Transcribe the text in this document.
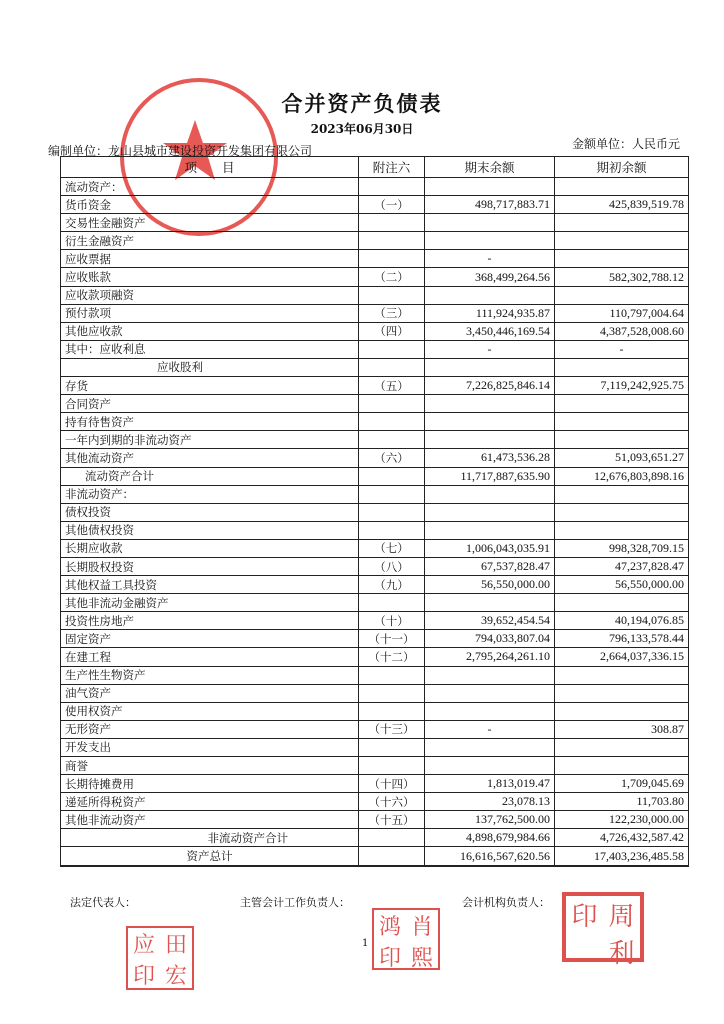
合并资产负债表
2023年06月30日
编制单位：龙山县城市建设投资开发集团有限公司	金额单位：人民币元
项　　目	附注六	期末余额	期初余额
流动资产：			
货币资金	（一）	498,717,883.71	425,839,519.78
交易性金融资产			
衍生金融资产			
应收票据		-	
应收账款	（二）	368,499,264.56	582,302,788.12
应收款项融资			
预付款项	（三）	111,924,935.87	110,797,004.64
其他应收款	（四）	3,450,446,169.54	4,387,528,008.60
其中：应收利息		-	-
应收股利			
存货	（五）	7,226,825,846.14	7,119,242,925.75
合同资产			
持有待售资产			
一年内到期的非流动资产			
其他流动资产	（六）	61,473,536.28	51,093,651.27
流动资产合计		11,717,887,635.90	12,676,803,898.16
非流动资产：			
债权投资			
其他债权投资			
长期应收款	（七）	1,006,043,035.91	998,328,709.15
长期股权投资	（八）	67,537,828.47	47,237,828.47
其他权益工具投资	（九）	56,550,000.00	56,550,000.00
其他非流动金融资产			
投资性房地产	（十）	39,652,454.54	40,194,076.85
固定资产	（十一）	794,033,807.04	796,133,578.44
在建工程	（十二）	2,795,264,261.10	2,664,037,336.15
生产性生物资产			
油气资产			
使用权资产			
无形资产	（十三）	-	308.87
开发支出			
商誉			
长期待摊费用	（十四）	1,813,019.47	1,709,045.69
递延所得税资产	（十六）	23,078.13	11,703.80
其他非流动资产	（十五）	137,762,500.00	122,230,000.00
非流动资产合计		4,898,679,984.66	4,726,432,587.42
资产总计		16,616,567,620.56	17,403,236,485.58
法定代表人：	主管会计工作负责人：	会计机构负责人：
1
应 田
印 宏
鸿 肖
印 熙
印 周
利
